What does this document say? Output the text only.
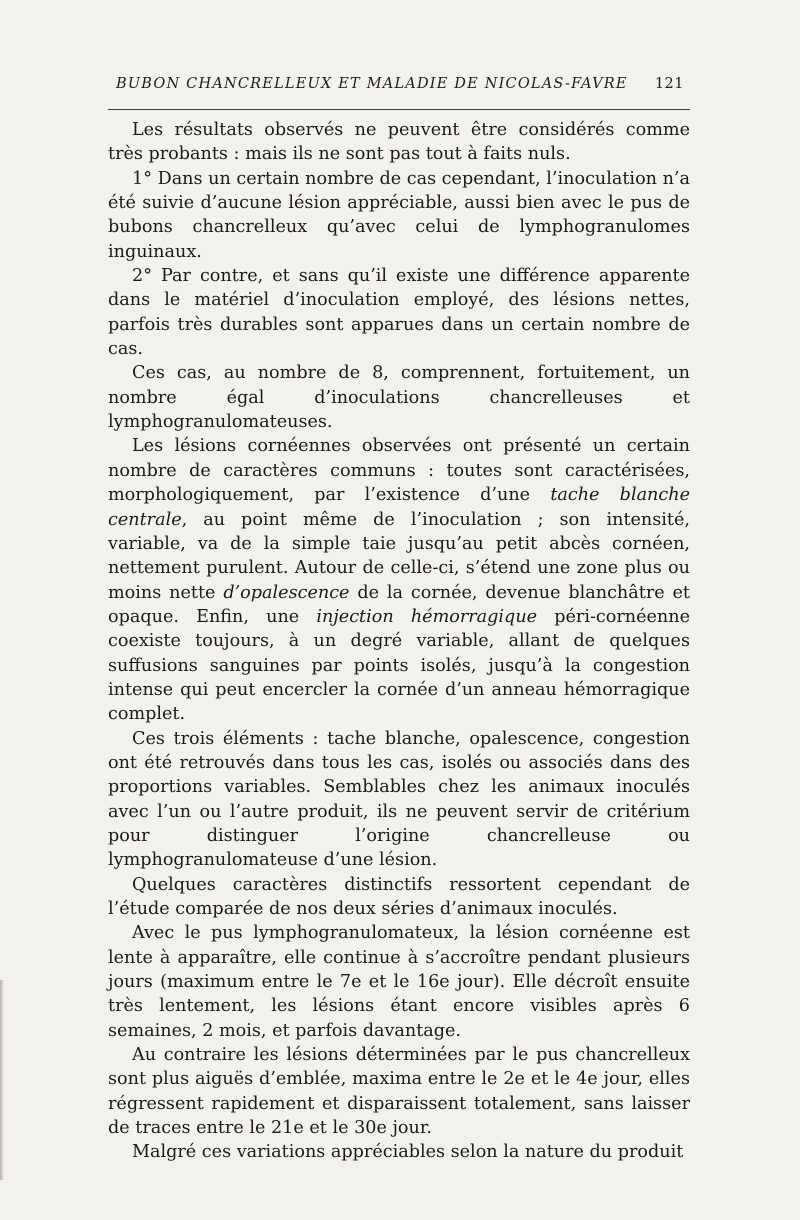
BUBON CHANCRELLEUX ET MALADIE DE NICOLAS-FAVRE 121

Les résultats observés ne peuvent être considérés comme très probants : mais ils ne sont pas tout à faits nuls.

1° Dans un certain nombre de cas cependant, l’inoculation n’a été suivie d’aucune lésion appréciable, aussi bien avec le pus de bubons chancrelleux qu’avec celui de lymphogranulomes inguinaux.

2° Par contre, et sans qu’il existe une différence apparente dans le matériel d’inoculation employé, des lésions nettes, parfois très durables sont apparues dans un certain nombre de cas.

Ces cas, au nombre de 8, comprennent, fortuitement, un nombre égal d’inoculations chancrelleuses et lymphogranulomateuses.

Les lésions cornéennes observées ont présenté un certain nombre de caractères communs : toutes sont caractérisées, morphologiquement, par l’existence d’une tache blanche centrale, au point même de l’inoculation ; son intensité, variable, va de la simple taie jusqu’au petit abcès cornéen, nettement purulent. Autour de celle-ci, s’étend une zone plus ou moins nette d’opalescence de la cornée, devenue blanchâtre et opaque. Enfin, une injection hémorragique péri-cornéenne coexiste toujours, à un degré variable, allant de quelques suffusions sanguines par points isolés, jusqu’à la congestion intense qui peut encercler la cornée d’un anneau hémorragique complet.

Ces trois éléments : tache blanche, opalescence, congestion ont été retrouvés dans tous les cas, isolés ou associés dans des proportions variables. Semblables chez les animaux inoculés avec l’un ou l’autre produit, ils ne peuvent servir de critérium pour distinguer l’origine chancrelleuse ou lymphogranulomateuse d’une lésion.

Quelques caractères distinctifs ressortent cependant de l’étude comparée de nos deux séries d’animaux inoculés.

Avec le pus lymphogranulomateux, la lésion cornéenne est lente à apparaître, elle continue à s’accroître pendant plusieurs jours (maximum entre le 7e et le 16e jour). Elle décroît ensuite très lentement, les lésions étant encore visibles après 6 semaines, 2 mois, et parfois davantage.

Au contraire les lésions déterminées par le pus chancrelleux sont plus aiguës d’emblée, maxima entre le 2e et le 4e jour, elles régressent rapidement et disparaissent totalement, sans laisser de traces entre le 21e et le 30e jour.

Malgré ces variations appréciables selon la nature du produit
